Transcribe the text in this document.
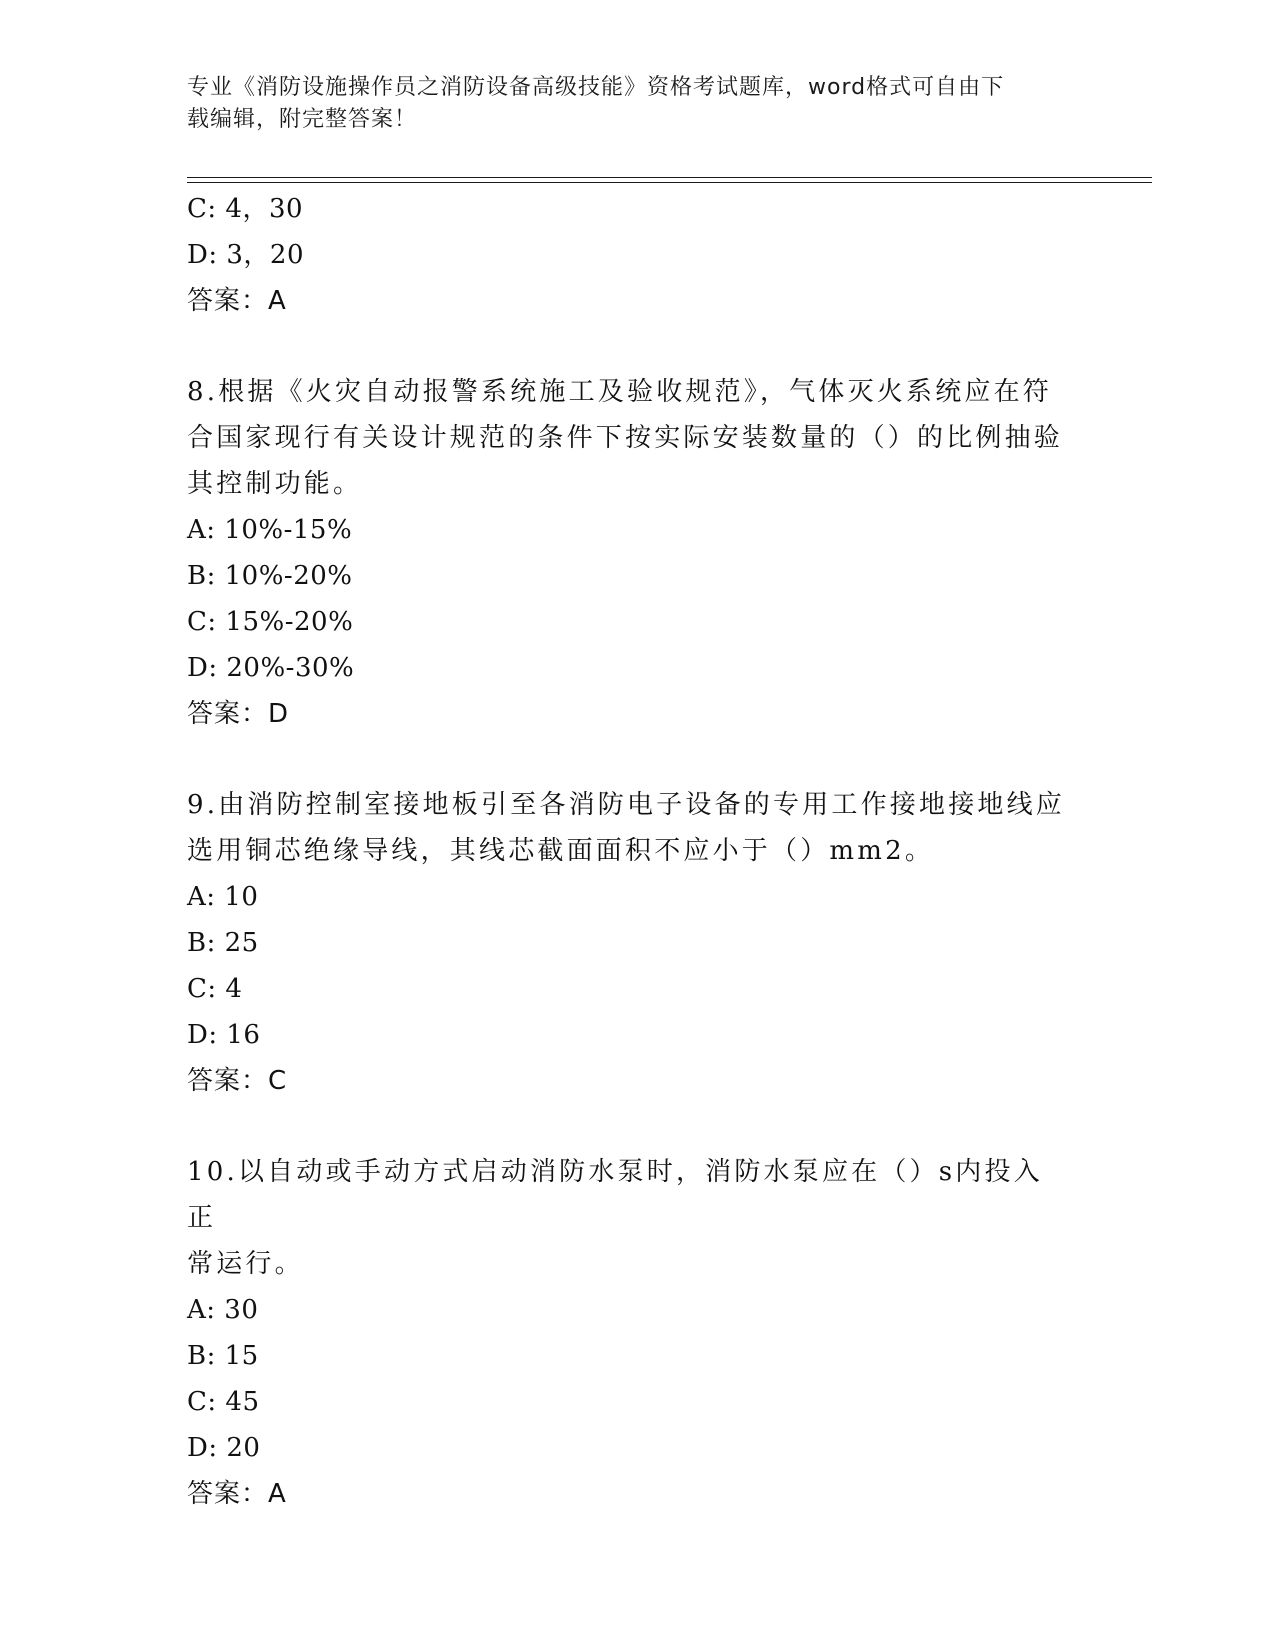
专业《消防设施操作员之消防设备高级技能》资格考试题库，word格式可自由下
载编辑，附完整答案！
C: 4，30
D: 3，20
答案：A
8.根据《火灾自动报警系统施工及验收规范》，气体灭火系统应在符
合国家现行有关设计规范的条件下按实际安装数量的（）的比例抽验
其控制功能。
A: 10%-15%
B: 10%-20%
C: 15%-20%
D: 20%-30%
答案：D
9.由消防控制室接地板引至各消防电子设备的专用工作接地接地线应
选用铜芯绝缘导线，其线芯截面面积不应小于（）mm2。
A: 10
B: 25
C: 4
D: 16
答案：C
10.以自动或手动方式启动消防水泵时，消防水泵应在（）s内投入正
常运行。
A: 30
B: 15
C: 45
D: 20
答案：A
